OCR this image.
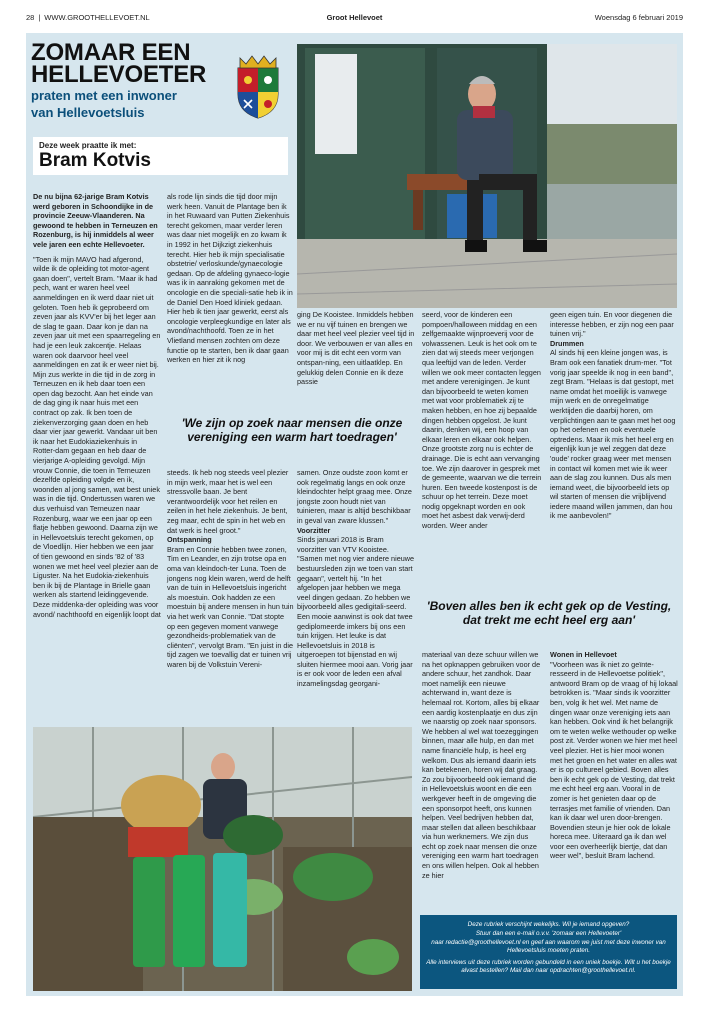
28 | WWW.GROOTHELLEVOET.NL	Groot Hellevoet	Woensdag 6 februari 2019
ZOMAAR EEN
HELLEVOETER
praten met een inwoner
van Hellevoetsluis
Deze week praatte ik met:
Bram Kotvis

De nu bijna 62-jarige Bram Kotvis werd geboren in Schoondijke in de provincie Zeeuw-Vlaanderen. Na gewoond te hebben in Terneuzen en Rozenburg, is hij inmiddels al weer vele jaren een echte Hellevoeter.

"Toen ik mijn MAVO had afgerond, wilde ik de opleiding tot motor-agent gaan doen", vertelt Bram. "Maar ik had pech, want er waren heel veel aanmeldingen en ik werd daar niet uit geloten. Toen heb ik geprobeerd om zeven jaar als KVV'er bij het leger aan de slag te gaan. Daar kon je dan na zeven jaar uit met een spaarregeling en had je een leuk zakcentje. Helaas waren ook daarvoor heel veel aanmeldingen en zat ik er weer niet bij. Mijn zus werkte in die tijd in de zorg in Terneuzen en ik heb daar toen een open dag bezocht. Aan het einde van de dag ging ik naar huis met een contract op zak. Ik ben toen de ziekenverzorging gaan doen en heb daar vier jaar gewerkt. Vandaar uit ben ik naar het Eudokiaziekenhuis in Rotter-dam gegaan en heb daar de vierjarige A-opleiding gevolgd. Mijn vrouw Connie, die toen in Terneuzen dezelfde opleiding volgde en ik, woonden al jong samen, wat best uniek was in die tijd. Ondertussen waren we dus verhuisd van Terneuzen naar Rozenburg, waar we een jaar op een flatje hebben gewoond. Daarna zijn we in Hellevoetsluis terecht gekomen, op de Vloedlijn. Hier hebben we een jaar of tien gewoond en sinds '82 of '83 wonen we met heel veel plezier aan de Liguster. Na het Eudokia-ziekenhuis ben ik bij de Plantage in Brielle gaan werken als startend leidinggevende. Deze middenka-der opleiding was voor avond/ nachthoofd en eigenlijk loopt dat

als rode lijn sinds die tijd door mijn werk heen. Vanuit de Plantage ben ik in het Ruwaard van Putten Ziekenhuis terecht gekomen, maar verder leren was daar niet mogelijk en zo kwam ik in 1992 in het Dijkzigt ziekenhuis terecht. Hier heb ik mijn specialisatie obstetrie/ verloskunde/gynaecologie gedaan. Op de afdeling gynaeco-logie was ik in aanraking gekomen met de oncologie en die speciali-satie heb ik in de Daniel Den Hoed kliniek gedaan. Hier heb ik tien jaar gewerkt, eerst als oncologie verpleegkundige en later als avond/nachthoofd. Toen ze in het Vlietland mensen zochten om deze functie op te starten, ben ik daar gaan werken en hier zit ik nog

ging De Kooistee. Inmiddels hebben we er nu vijf tuinen en brengen we daar met heel veel plezier veel tijd in door. We verbouwen er van alles en voor mij is dit echt een vorm van ontspan-ning, een uitlaatklep. En gelukkig delen Connie en ik deze passie

seerd, voor de kinderen een pompoen/halloween middag en een zelfgemaakte wijnproeverij voor de volwassenen. Leuk is het ook om te zien dat wij steeds meer verjongen qua leeftijd van de leden. Verder willen we ook meer contacten leggen met andere verenigingen. Je kunt dan bijvoorbeeld te weten komen met wat voor problematiek zij te maken hebben, en hoe zij bepaalde dingen hebben opgelost. Je kunt daarin, denken wij, een hoop van elkaar leren en elkaar ook helpen. Onze grootste zorg nu is echter de drainage. Die is echt aan vervanging toe. We zijn daarover in gesprek met de gemeente, waarvan we die terrein huren. Een tweede kostenpost is de schuur op het terrein. Deze moet nodig opgeknapt worden en ook moet het asbest dak verwij-derd worden. Weer ander

geen eigen tuin. En voor diegenen die interesse hebben, er zijn nog een paar tuinen vrij."

Drummen

Al sinds hij een kleine jongen was, is Bram ook een fanatiek drum-mer. "Tot vorig jaar speelde ik nog in een band", zegt Bram. "Helaas is dat gestopt, met name omdat het moeilijk is vanwege mijn werk en de onregelmatige werktijden die daarbij horen, om verplichtingen aan te gaan met het oog op het oefenen en ook eventuele optredens. Maar ik mis het heel erg en eigenlijk kun je wel zeggen dat deze 'oude' rocker graag weer met mensen in contact wil komen met wie ik weer aan de slag zou kunnen. Dus als men iemand weet, die bijvoorbeeld iets op wil starten of mensen die vrijblijvend iedere maand willen jammen, dan hou ik me aanbevolen!"

'We zijn op zoek naar mensen die onze
vereniging een warm hart toedragen'

steeds. Ik heb nog steeds veel plezier in mijn werk, maar het is wel een stressvolle baan. Je bent verantwoordelijk voor het reilen en zeilen in het hele ziekenhuis. Je bent, zeg maar, echt de spin in het web en dat werk is heel groot."

Ontspanning

Bram en Connie hebben twee zonen, Tim en Leander, en zijn trotse opa en oma van kleindoch-ter Luna. Toen de jongens nog klein waren, werd de helft van de tuin in Hellevoetsluis ingericht als moestuin. Ook hadden ze een moestuin bij andere mensen in hun tuin via het werk van Connie. "Dat stopte op een gegeven moment vanwege gezondheids-problematiek van de cliënten", vervolgt Bram. "En juist in die tijd zagen we toevallig dat er tuinen vrij waren bij de Volkstuin Vereni-

samen. Onze oudste zoon komt er ook regelmatig langs en ook onze kleindochter helpt graag mee. Onze jongste zoon houdt niet van tuinieren, maar is altijd beschikbaar in geval van zware klussen."

Voorzitter

Sinds januari 2018 is Bram voorzitter van VTV Kooistee. "Samen met nog vier andere nieuwe bestuursleden zijn we toen van start gegaan", vertelt hij. "In het afgelopen jaar hebben we mega veel dingen gedaan. Zo hebben we bijvoorbeeld alles gedigitali-seerd. Een mooie aanwinst is ook dat twee gediplomeerde imkers bij ons een tuin krijgen. Het leuke is dat Hellevoetsluis in 2018 is uitgeroepen tot bijenstad en wij sluiten hiermee mooi aan. Vorig jaar is er ook voor de leden een afval inzamelingsdag georgani-

'Boven alles ben ik echt gek op de Vesting,
dat trekt me echt heel erg aan'

materiaal van deze schuur willen we na het opknappen gebruiken voor de andere schuur, het zandhok. Daar moet namelijk een nieuwe achterwand in, want deze is helemaal rot. Kortom, alles bij elkaar een aardig kostenplaatje en dus zijn we naarstig op zoek naar sponsors. We hebben al wel wat toezeggingen binnen, maar alle hulp, en dan met name financiële hulp, is heel erg welkom. Dus als iemand daarin iets kan betekenen, horen wij dat graag. Zo zou bijvoorbeeld ook iemand die in Hellevoetsluis woont en die een werkgever heeft in de omgeving die een sponsorpot heeft, ons kunnen helpen. Veel bedrijven hebben dat, maar stellen dat alleen beschikbaar via hun werknemers. We zijn dus echt op zoek naar mensen die onze vereniging een warm hart toedragen en ons willen helpen. Ook al hebben ze hier

Wonen in Hellevoet

"Voorheen was ik niet zo geïnte-resseerd in de Hellevoetse politiek", antwoord Bram op de vraag of hij lokaal betrokken is. "Maar sinds ik voorzitter ben, volg ik het wel. Met name de dingen waar onze vereniging iets aan kan hebben. Ook vind ik het belangrijk om te weten welke wethouder op welke post zit. Verder wonen we hier met heel veel plezier. Het is hier mooi wonen met het groen en het water en alles wat er is op cultureel gebied. Boven alles ben ik echt gek op de Vesting, dat trekt me echt heel erg aan. Vooral in de zomer is het genieten daar op de terrasjes met familie of vrienden. Dan kan ik daar wel uren door-brengen. Bovendien steun je hier ook de lokale horeca mee. Uiteraard ga ik dan wel voor een overheerlijk biertje, dat dan weer wel", besluit Bram lachend.

Deze rubriek verschijnt wekelijks. Wil je iemand opgeven?

Stuur dan een e-mail o.v.v. 'zomaar een Hellevoeter'

naar redactie@groothellevoet.nl en geef aan waarom we juist met deze inwoner van Hellevoetsluis moeten praten.

Alle interviews uit deze rubriek worden gebundeld in een uniek boekje. Wilt u het boekje alvast bestellen? Mail dan naar opdrachten@groothellevoet.nl.
